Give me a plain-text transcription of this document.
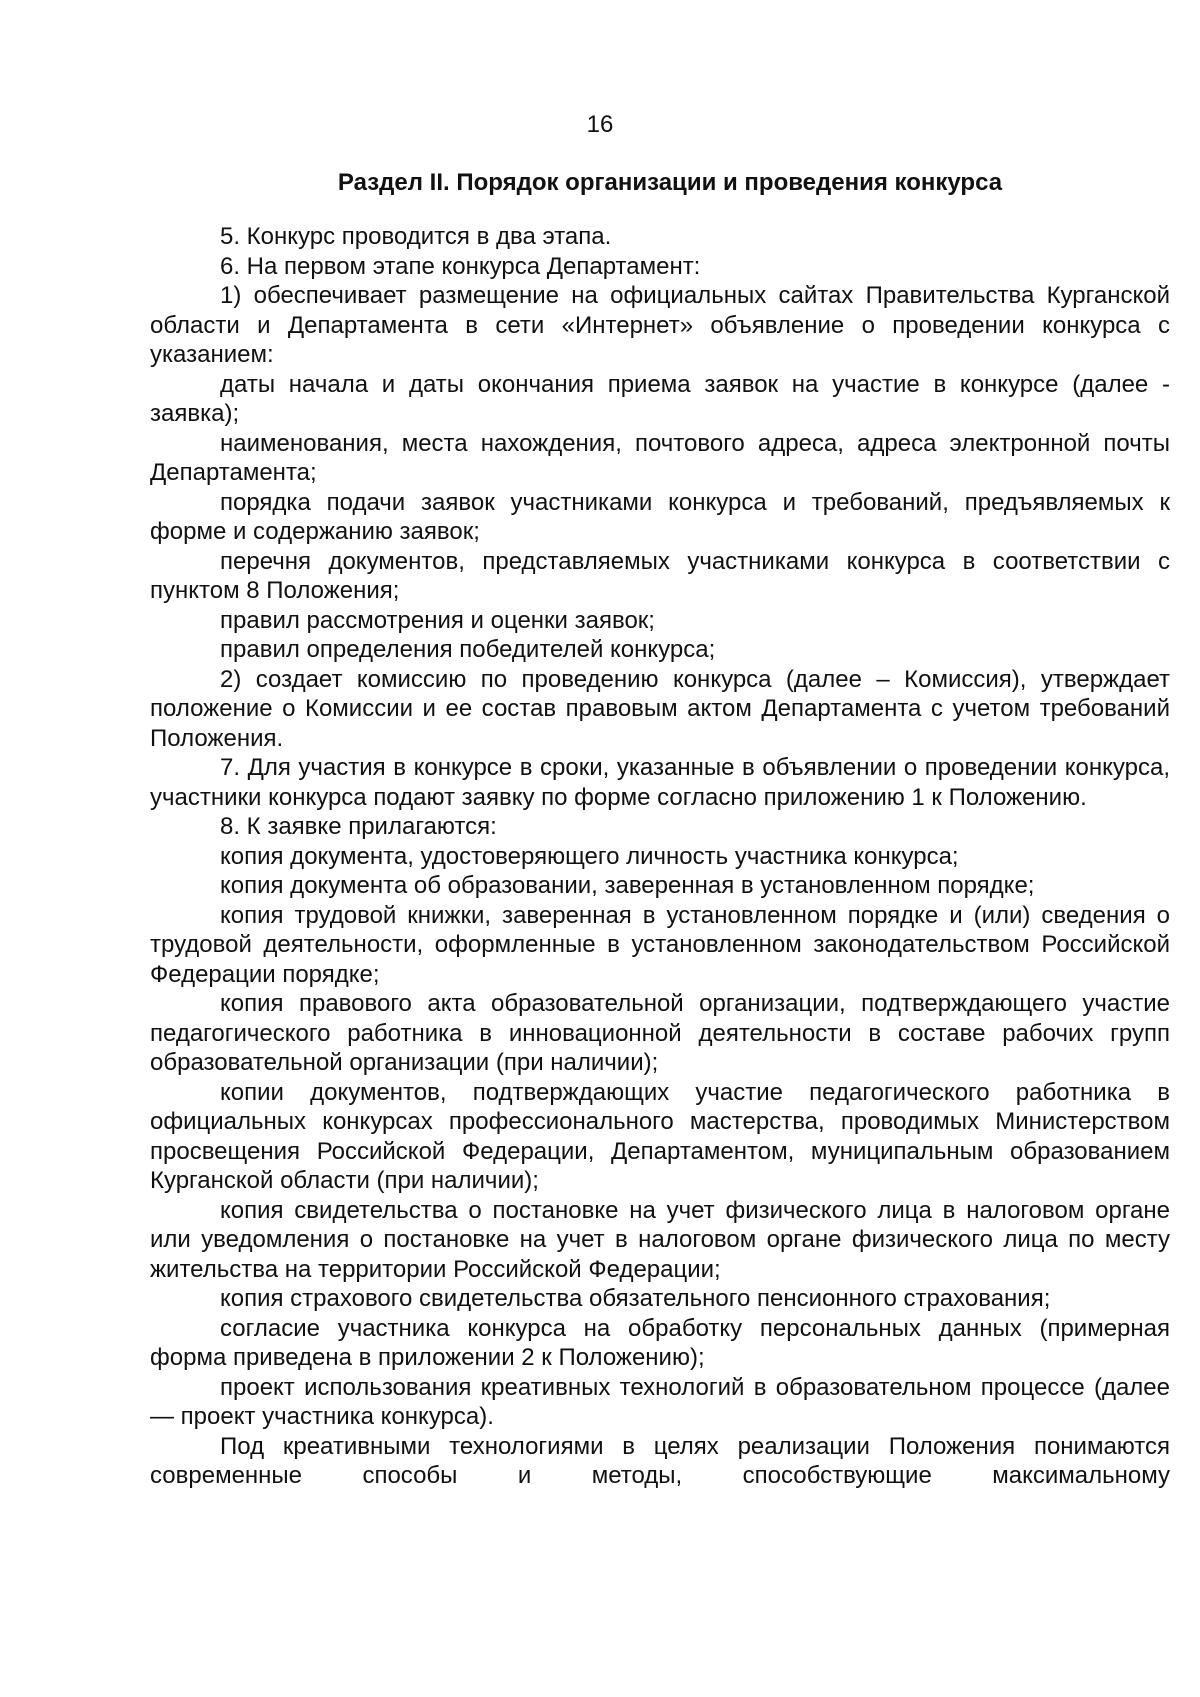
16
Раздел II. Порядок организации и проведения конкурса

5. Конкурс проводится в два этапа.

6. На первом этапе конкурса Департамент:

1) обеспечивает размещение на официальных сайтах Правительства Курганской области и Департамента в сети «Интернет» объявление о проведении конкурса с указанием:

даты начала и даты окончания приема заявок на участие в конкурсе (далее - заявка);

наименования, места нахождения, почтового адреса, адреса электронной почты Департамента;

порядка подачи заявок участниками конкурса и требований, предъявляемых к форме и содержанию заявок;

перечня документов, представляемых участниками конкурса в соответствии с пунктом 8 Положения;

правил рассмотрения и оценки заявок;

правил определения победителей конкурса;

2) создает комиссию по проведению конкурса (далее – Комиссия), утверждает положение о Комиссии и ее состав правовым актом Департамента с учетом требований Положения.

7. Для участия в конкурсе в сроки, указанные в объявлении о проведении конкурса, участники конкурса подают заявку по форме согласно приложению 1 к Положению.

8. К заявке прилагаются:

копия документа, удостоверяющего личность участника конкурса;

копия документа об образовании, заверенная в установленном порядке;

копия трудовой книжки, заверенная в установленном порядке и (или) сведения о трудовой деятельности, оформленные в установленном законодательством Российской Федерации порядке;

копия правового акта образовательной организации, подтверждающего участие педагогического работника в инновационной деятельности в составе рабочих групп образовательной организации (при наличии);

копии документов, подтверждающих участие педагогического работника в официальных конкурсах профессионального мастерства, проводимых Министерством просвещения Российской Федерации, Департаментом, муниципальным образованием Курганской области (при наличии);

копия свидетельства о постановке на учет физического лица в налоговом органе или уведомления о постановке на учет в налоговом органе физического лица по месту жительства на территории Российской Федерации;

копия страхового свидетельства обязательного пенсионного страхования;

согласие участника конкурса на обработку персональных данных (примерная форма приведена в приложении 2 к Положению);

проект использования креативных технологий в образовательном процессе (далее — проект участника конкурса).

Под креативными технологиями в целях реализации Положения понимаются современные способы и методы, способствующие максимальному
